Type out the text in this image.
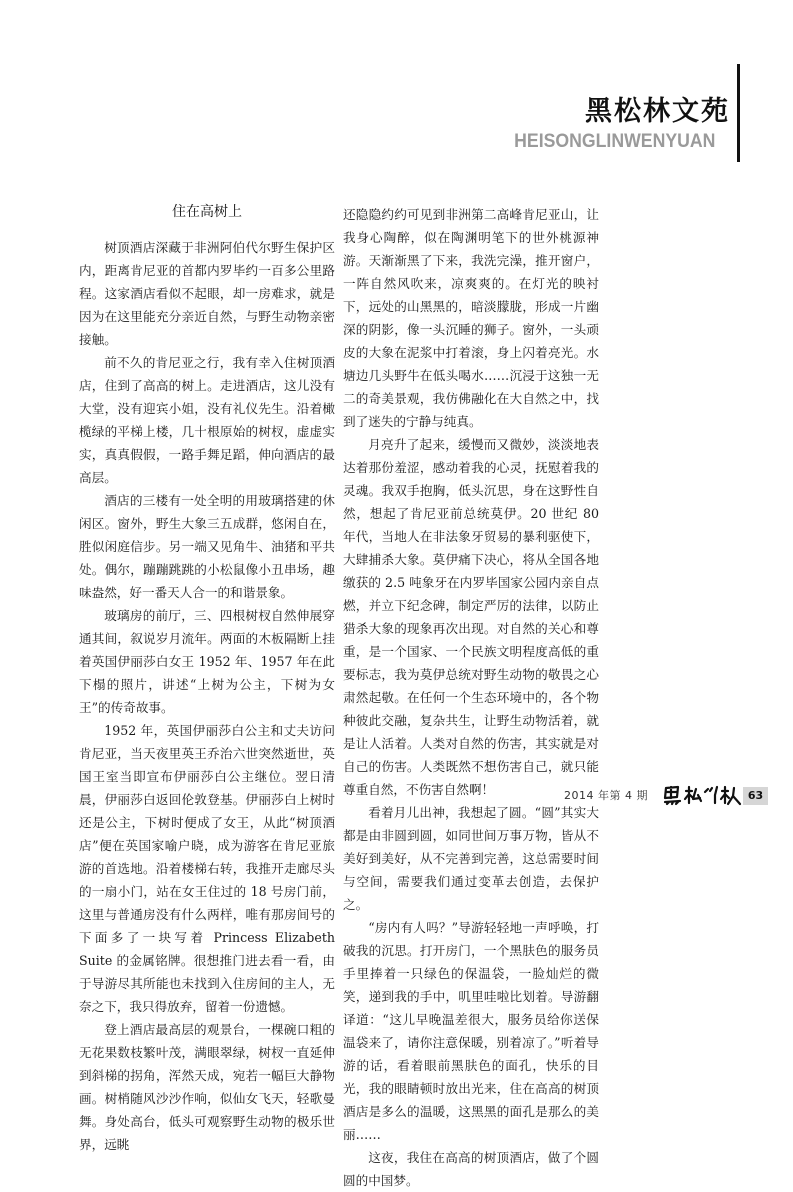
黑松林文苑
HEISONGLINWENYUAN
住在高树上

树顶酒店深藏于非洲阿伯代尔野生保护区内，距离肯尼亚的首都内罗毕约一百多公里路程。这家酒店看似不起眼，却一房难求，就是因为在这里能充分亲近自然，与野生动物亲密接触。

前不久的肯尼亚之行，我有幸入住树顶酒店，住到了高高的树上。走进酒店，这儿没有大堂，没有迎宾小姐，没有礼仪先生。沿着橄榄绿的平梯上楼，几十根原始的树杈，虚虚实实，真真假假，一路手舞足蹈，伸向酒店的最高层。

酒店的三楼有一处全明的用玻璃搭建的休闲区。窗外，野生大象三五成群，悠闲自在，胜似闲庭信步。另一端又见角牛、油猪和平共处。偶尔，蹦蹦跳跳的小松鼠像小丑串场，趣味盎然，好一番天人合一的和谐景象。

玻璃房的前厅，三、四根树杈自然伸展穿通其间，叙说岁月流年。两面的木板隔断上挂着英国伊丽莎白女王 1952 年、1957 年在此下榻的照片，讲述“上树为公主，下树为女王”的传奇故事。

1952 年，英国伊丽莎白公主和丈夫访问肯尼亚，当天夜里英王乔治六世突然逝世，英国王室当即宣布伊丽莎白公主继位。翌日清晨，伊丽莎白返回伦敦登基。伊丽莎白上树时还是公主，下树时便成了女王，从此“树顶酒店”便在英国家喻户晓，成为游客在肯尼亚旅游的首选地。沿着楼梯右转，我推开走廊尽头的一扇小门，站在女王住过的 18 号房门前，这里与普通房没有什么两样，唯有那房间号的下面多了一块写着 Princess Elizabeth Suite 的金属铭牌。很想推门进去看一看，由于导游尽其所能也未找到入住房间的主人，无奈之下，我只得放弃，留着一份遗憾。

登上酒店最高层的观景台，一棵碗口粗的无花果数枝繁叶茂，满眼翠绿，树杈一直延伸到斜梯的拐角，浑然天成，宛若一幅巨大静物画。树梢随风沙沙作响，似仙女飞天，轻歌曼舞。身处高台，低头可观察野生动物的极乐世界，远眺

还隐隐约约可见到非洲第二高峰肯尼亚山，让我身心陶醉，似在陶渊明笔下的世外桃源神游。天渐渐黑了下来，我洗完澡，推开窗户，一阵自然风吹来，凉爽爽的。在灯光的映衬下，远处的山黑黑的，暗淡朦胧，形成一片幽深的阴影，像一头沉睡的狮子。窗外，一头顽皮的大象在泥浆中打着滚，身上闪着亮光。水塘边几头野牛在低头喝水……沉浸于这独一无二的奇美景观，我仿佛融化在大自然之中，找到了迷失的宁静与纯真。

月亮升了起来，缓慢而又微妙，淡淡地表达着那份羞涩，感动着我的心灵，抚慰着我的灵魂。我双手抱胸，低头沉思，身在这野性自然，想起了肯尼亚前总统莫伊。20 世纪 80 年代，当地人在非法象牙贸易的暴利驱使下，大肆捕杀大象。莫伊痛下决心，将从全国各地缴获的 2.5 吨象牙在内罗毕国家公园内亲自点燃，并立下纪念碑，制定严厉的法律，以防止猎杀大象的现象再次出现。对自然的关心和尊重，是一个国家、一个民族文明程度高低的重要标志，我为莫伊总统对野生动物的敬畏之心肃然起敬。在任何一个生态环境中的，各个物种彼此交融，复杂共生，让野生动物活着，就是让人活着。人类对自然的伤害，其实就是对自己的伤害。人类既然不想伤害自己，就只能尊重自然，不伤害自然啊！

看着月儿出神，我想起了圆。“圆”其实大都是由非圆到圆，如同世间万事万物，皆从不美好到美好，从不完善到完善，这总需要时间与空间，需要我们通过变革去创造，去保护之。

“房内有人吗？”导游轻轻地一声呼唤，打破我的沉思。打开房门，一个黑肤色的服务员手里捧着一只绿色的保温袋，一脸灿烂的微笑，递到我的手中，叽里哇啦比划着。导游翻译道：“这儿早晚温差很大，服务员给你送保温袋来了，请你注意保暖，别着凉了。”听着导游的话，看着眼前黑肤色的面孔，快乐的目光，我的眼睛顿时放出光来，住在高高的树顶酒店是多么的温暖，这黑黑的面孔是那么的美丽……

这夜，我住在高高的树顶酒店，做了个圆圆的中国梦。

2014 年第 4 期	63
